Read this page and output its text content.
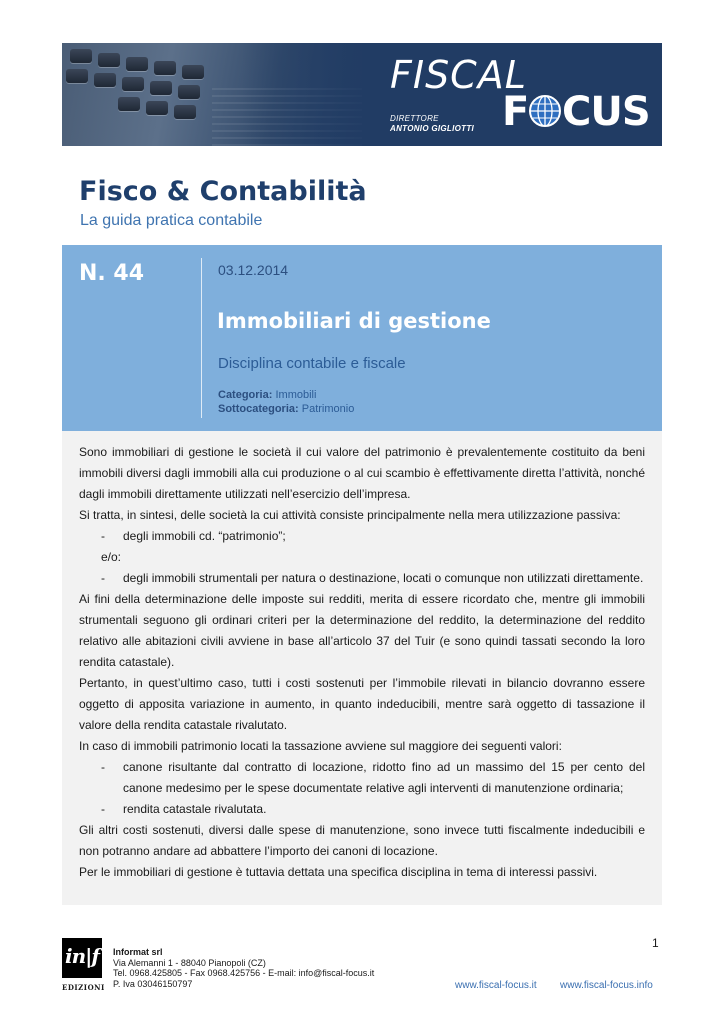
FISCAL
DIRETTORE
ANTONIO GIGLIOTTI F CUS
Fisco & Contabilità
La guida pratica contabile
N. 44	03.12.2014
Immobiliari di gestione
Disciplina contabile e fiscale
Categoria: Immobili
Sottocategoria: Patrimonio

Sono immobiliari di gestione le società il cui valore del patrimonio è prevalentemente costituito da beni immobili diversi dagli immobili alla cui produzione o al cui scambio è effettivamente diretta l’attività, nonché dagli immobili direttamente utilizzati nell’esercizio dell’impresa.

Si tratta, in sintesi, delle società la cui attività consiste principalmente nella mera utilizzazione passiva:

-	degli immobili cd. “patrimonio”;

e/o:

-	degli immobili strumentali per natura o destinazione, locati o comunque non utilizzati direttamente.

Ai fini della determinazione delle imposte sui redditi, merita di essere ricordato che, mentre gli immobili strumentali seguono gli ordinari criteri per la determinazione del reddito, la determinazione del reddito relativo alle abitazioni civili avviene in base all’articolo 37 del Tuir (e sono quindi tassati secondo la loro rendita catastale).

Pertanto, in quest’ultimo caso, tutti i costi sostenuti per l’immobile rilevati in bilancio dovranno essere oggetto di apposita variazione in aumento, in quanto indeducibili, mentre sarà oggetto di tassazione il valore della rendita catastale rivalutato.

In caso di immobili patrimonio locati la tassazione avviene sul maggiore dei seguenti valori:

-	canone risultante dal contratto di locazione, ridotto fino ad un massimo del 15 per cento del canone medesimo per le spese documentate relative agli interventi di manutenzione ordinaria;
-	rendita catastale rivalutata.

Gli altri costi sostenuti, diversi dalle spese di manutenzione, sono invece tutti fiscalmente indeducibili e non potranno andare ad abbattere l’importo dei canoni di locazione.

Per le immobiliari di gestione è tuttavia dettata una specifica disciplina in tema di interessi passivi.

1
in|f
EDIZIONI
Informat srl
Via Alemanni 1 - 88040 Pianopoli (CZ)
Tel. 0968.425805 - Fax 0968.425756 - E-mail: info@fiscal-focus.it
P. Iva 03046150797	www.fiscal-focus.it www.fiscal-focus.info
